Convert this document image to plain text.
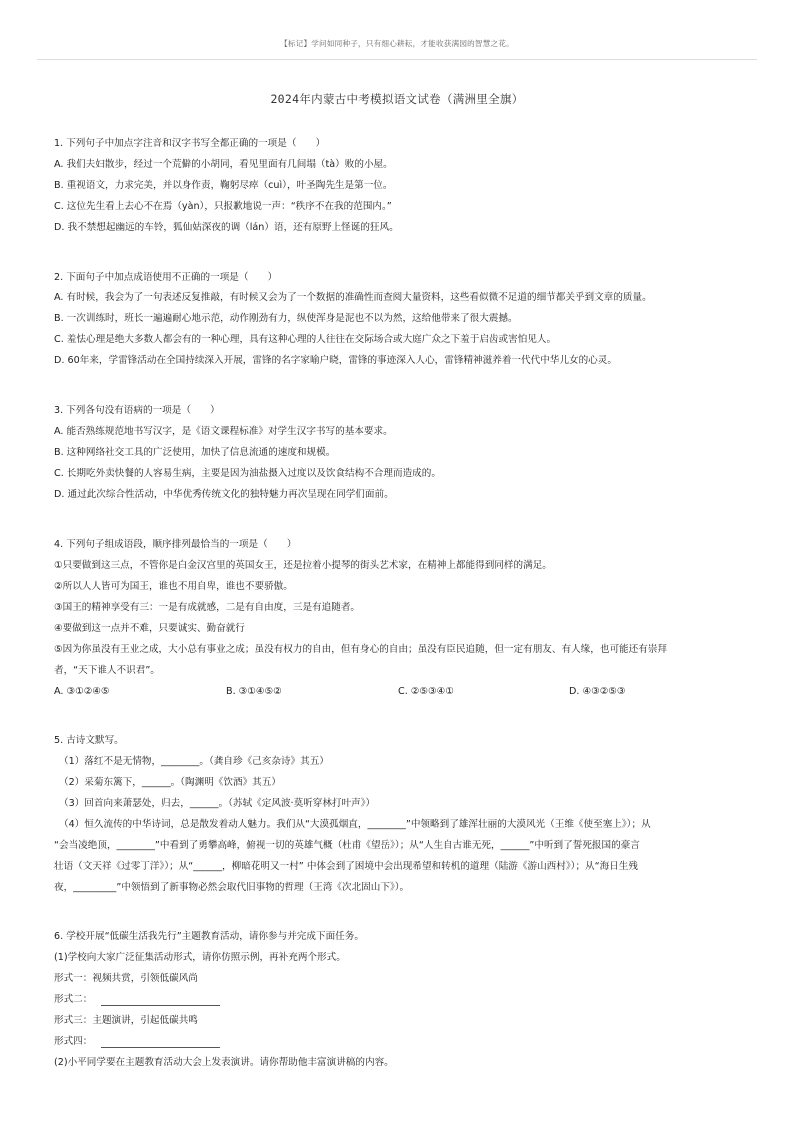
【标记】学问如同种子，只有细心耕耘，才能收获满园的智慧之花。
2024年内蒙古中考模拟语文试卷（满洲里全旗）
1. 下列句子中加点字注音和汉字书写全都正确的一项是（　　）
A. 我们夫妇散步，经过一个荒僻的小胡同，看见里面有几间塌（tà）败的小屋。
B. 重视语文，力求完美，并以身作责，鞠躬尽瘁（cuì），叶圣陶先生是第一位。
C. 这位先生看上去心不在焉（yàn），只报歉地说一声：“秩序不在我的范围内。”
D. 我不禁想起幽远的车铃，狐仙姑深夜的调（lán）语，还有原野上怪诞的狂风。
2. 下面句子中加点成语使用不正确的一项是（　　）
A. 有时候，我会为了一句表述反复推敲，有时候又会为了一个数据的准确性而查阅大量资料，这些看似微不足道的细节都关乎到文章的质量。
B. 一次训练时，班长一遍遍耐心地示范，动作刚劲有力，纵使浑身是泥也不以为然，这给他带来了很大震撼。
C. 羞怯心理是绝大多数人都会有的一种心理，具有这种心理的人往往在交际场合或大庭广众之下羞于启齿或害怕见人。
D. 60年来，学雷锋活动在全国持续深入开展，雷锋的名字家喻户晓，雷锋的事迹深入人心，雷锋精神滋养着一代代中华儿女的心灵。
3. 下列各句没有语病的一项是（　　）
A. 能否熟练规范地书写汉字，是《语文课程标准》对学生汉字书写的基本要求。
B. 这种网络社交工具的广泛使用，加快了信息流通的速度和规模。
C. 长期吃外卖快餐的人容易生病，主要是因为油盐摄入过度以及饮食结构不合理而造成的。
D. 通过此次综合性活动，中华优秀传统文化的独特魅力再次呈现在同学们面前。
4. 下列句子组成语段，顺序排列最恰当的一项是（　　）
①只要做到这三点，不管你是白金汉宫里的英国女王，还是拉着小提琴的街头艺术家，在精神上都能得到同样的满足。
②所以人人皆可为国王，谁也不用自卑，谁也不要骄傲。
③国王的精神享受有三：一是有成就感，二是有自由度，三是有追随者。
④要做到这一点并不难，只要诚实、勤奋就行
⑤因为你虽没有王业之成，大小总有事业之成；虽没有权力的自由，但有身心的自由；虽没有臣民追随，但一定有朋友、有人缘，也可能还有崇拜
者，“天下谁人不识君”。
A. ③①②④⑤	B. ③①④⑤②	C. ②⑤③④①	D. ④③②⑤③
5. 古诗文默写。
（1）落红不是无情物，________。（龚自珍《己亥杂诗》其五）
（2）采菊东篱下，______。（陶渊明《饮酒》其五）
（3）回首向来萧瑟处，归去，______。（苏轼《定风波·莫听穿林打叶声》）
（4）恒久流传的中华诗词，总是散发着动人魅力。我们从“大漠孤烟直，________”中领略到了雄浑壮丽的大漠风光（王维《使至塞上》）；从
“会当凌绝顶，________”中看到了勇攀高峰，俯视一切的英雄气概（杜甫《望岳》）；从“人生自古谁无死，______”中听到了誓死报国的豪言
壮语（文天祥《过零丁洋》）；从“______，柳暗花明又一村” 中体会到了困境中会出现希望和转机的道理（陆游《游山西村》）；从“海日生残
夜，_________”中领悟到了新事物必然会取代旧事物的哲理（王湾《次北固山下》）。
6. 学校开展“低碳生活我先行”主题教育活动，请你参与并完成下面任务。
(1)学校向大家广泛征集活动形式，请你仿照示例，再补充两个形式。
形式一：视频共赏，引领低碳风尚
形式二：
形式三：主题演讲，引起低碳共鸣
形式四：
(2)小平同学要在主题教育活动大会上发表演讲。请你帮助他丰富演讲稿的内容。
